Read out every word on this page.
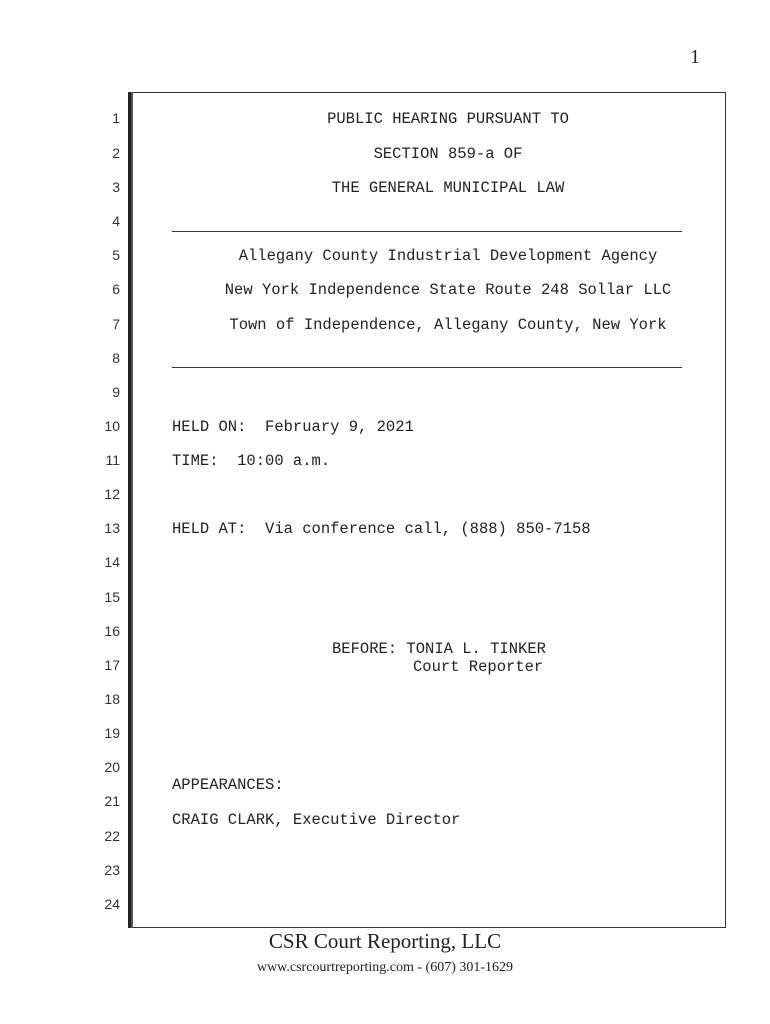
1
1
2
3
4
5
6
7
8
9
10
11
12
13
14
15
16
17
18
19
20
21
22
23
24
PUBLIC HEARING PURSUANT TO
SECTION 859-a OF
THE GENERAL MUNICIPAL LAW
Allegany County Industrial Development Agency
New York Independence State Route 248 Sollar LLC
Town of Independence, Allegany County, New York
HELD ON:  February 9, 2021
TIME:  10:00 a.m.
HELD AT:  Via conference call, (888) 850-7158
BEFORE: TONIA L. TINKER
Court Reporter
APPEARANCES:
CRAIG CLARK, Executive Director
CSR Court Reporting, LLC
www.csrcourtreporting.com - (607) 301-1629
